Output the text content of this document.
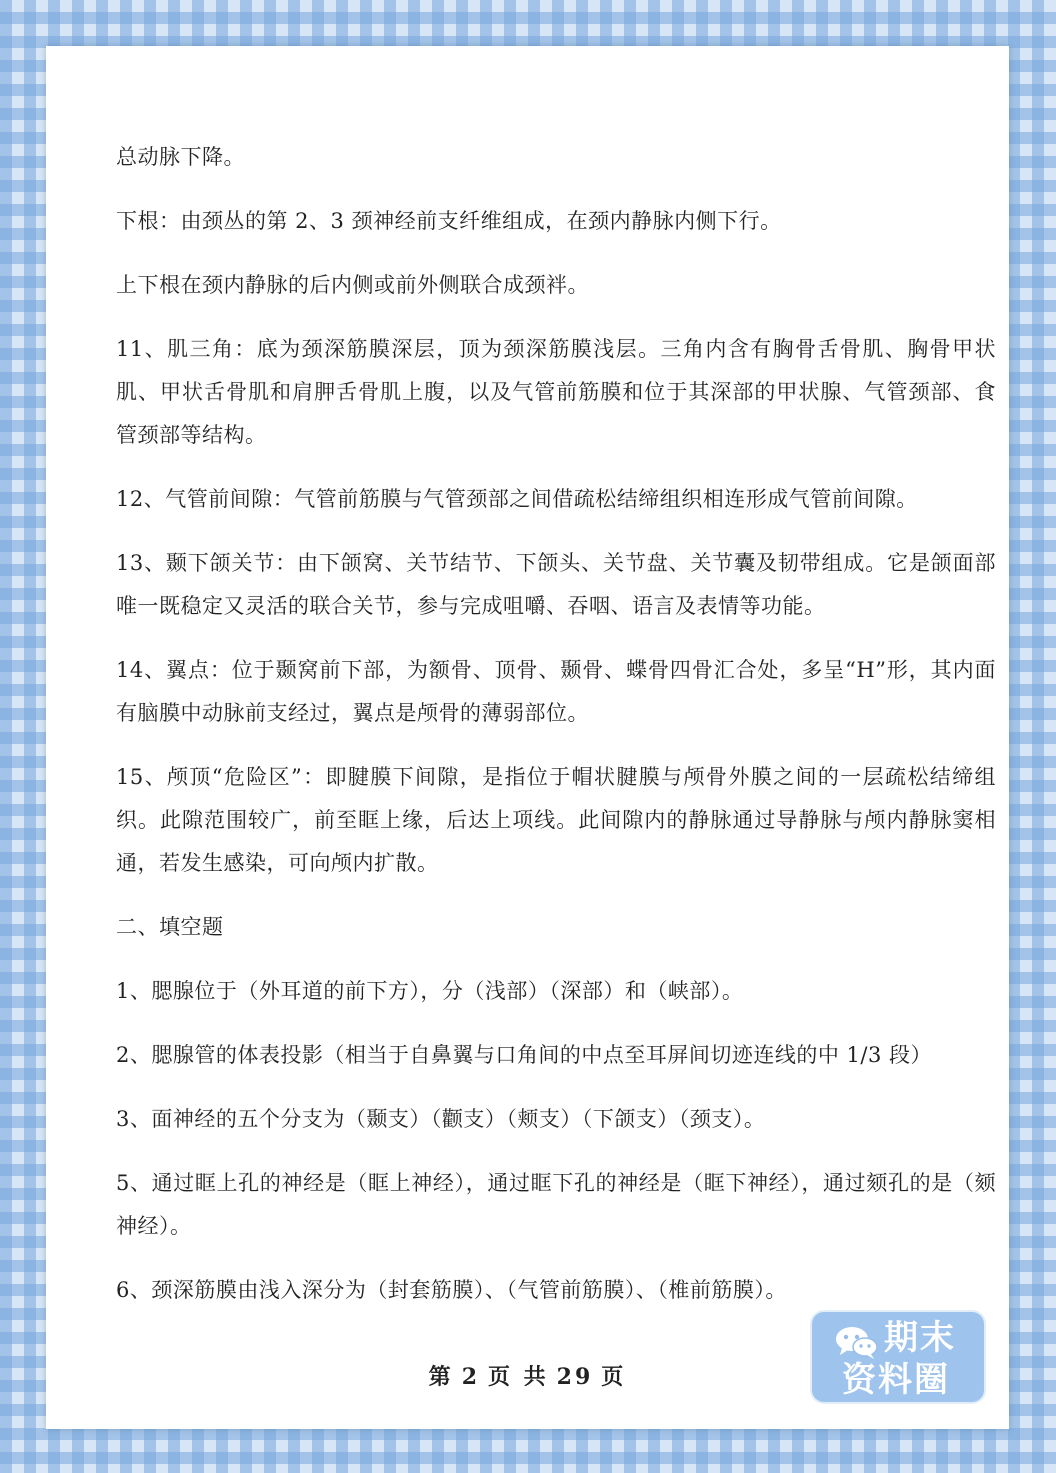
总动脉下降。

下根：由颈丛的第 2、3 颈神经前支纤维组成，在颈内静脉内侧下行。

上下根在颈内静脉的后内侧或前外侧联合成颈袢。

11、肌三角：底为颈深筋膜深层，顶为颈深筋膜浅层。三角内含有胸骨舌骨肌、胸骨甲状肌、甲状舌骨肌和肩胛舌骨肌上腹，以及气管前筋膜和位于其深部的甲状腺、气管颈部、食管颈部等结构。

12、气管前间隙：气管前筋膜与气管颈部之间借疏松结缔组织相连形成气管前间隙。

13、颞下颌关节：由下颌窝、关节结节、下颌头、关节盘、关节囊及韧带组成。它是颌面部唯一既稳定又灵活的联合关节，参与完成咀嚼、吞咽、语言及表情等功能。

14、翼点：位于颞窝前下部，为额骨、顶骨、颞骨、蝶骨四骨汇合处，多呈“H”形，其内面有脑膜中动脉前支经过，翼点是颅骨的薄弱部位。

15、颅顶“危险区”：即腱膜下间隙，是指位于帽状腱膜与颅骨外膜之间的一层疏松结缔组织。此隙范围较广，前至眶上缘，后达上项线。此间隙内的静脉通过导静脉与颅内静脉窦相通，若发生感染，可向颅内扩散。

二、填空题

1、腮腺位于（外耳道的前下方），分（浅部）（深部）和（峡部）。

2、腮腺管的体表投影（相当于自鼻翼与口角间的中点至耳屏间切迹连线的中 1/3 段）

3、面神经的五个分支为（颞支）（颧支）（颊支）（下颌支）（颈支）。

5、通过眶上孔的神经是（眶上神经），通过眶下孔的神经是（眶下神经），通过颏孔的是（颏神经）。

6、颈深筋膜由浅入深分为（封套筋膜）、（气管前筋膜）、（椎前筋膜）。

第 2 页 共 29 页
期末
资料圈
